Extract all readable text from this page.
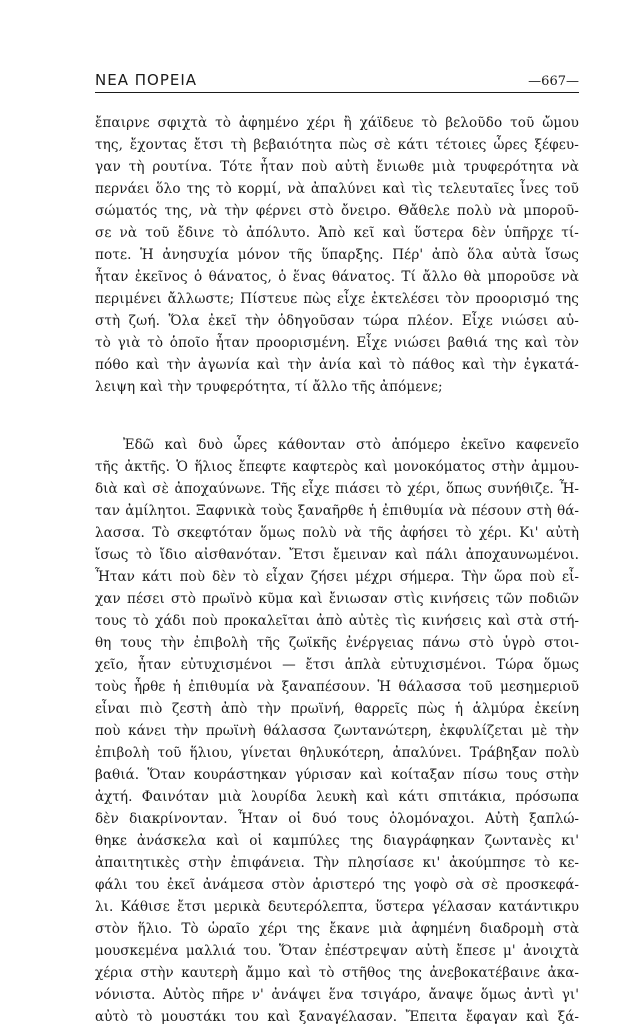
ΝΕΑ ΠΟΡΕΙΑ	—667—
ἔπαιρνε σφιχτὰ τὸ ἀφημένο χέρι ἢ χάϊδευε τὸ βελοῦδο τοῦ ὤμου
της, ἔχοντας ἔτσι τὴ βεβαιότητα πὼς σὲ κάτι τέτοιες ὧρες ξέφευ-
γαν τὴ ρουτίνα. Τότε ἦταν ποὺ αὐτὴ ἔνιωθε μιὰ τρυφερότητα νὰ
περνάει ὅλο της τὸ κορμί, νὰ ἀπαλύνει καὶ τὶς τελευταῖες ἶνες τοῦ
σώματός της, νὰ τὴν φέρνει στὸ ὄνειρο. Θἄθελε πολὺ νὰ μποροῦ-
σε νὰ τοῦ ἔδινε τὸ ἀπόλυτο. Ἀπὸ κεῖ καὶ ὕστερα δὲν ὑπῆρχε τί-
ποτε. Ἡ ἀνησυχία μόνον τῆς ὕπαρξης. Πέρ' ἀπὸ ὅλα αὐτὰ ἴσως
ἦταν ἐκεῖνος ὁ θάνατος, ὁ ἕνας θάνατος. Τί ἄλλο θὰ μποροῦσε νὰ
περιμένει ἄλλωστε; Πίστευε πὼς εἶχε ἐκτελέσει τὸν προορισμό της
στὴ ζωή. Ὅλα ἐκεῖ τὴν ὁδηγοῦσαν τώρα πλέον. Εἶχε νιώσει αὐ-
τὸ γιὰ τὸ ὁποῖο ἦταν προορισμένη. Εἶχε νιώσει βαθιά της καὶ τὸν
πόθο καὶ τὴν ἀγωνία καὶ τὴν ἀνία καὶ τὸ πάθος καὶ τὴν ἐγκατά-
λειψη καὶ τὴν τρυφερότητα, τί ἄλλο τῆς ἀπόμενε;
Ἐδῶ καὶ δυὸ ὧρες κάθονταν στὸ ἀπόμερο ἐκεῖνο καφενεῖο
τῆς ἀκτῆς. Ὁ ἥλιος ἔπεφτε καφτερὸς καὶ μονοκόματος στὴν ἀμμου-
διὰ καὶ σὲ ἀποχαύνωνε. Τῆς εἶχε πιάσει τὸ χέρι, ὅπως συνήθιζε. Ἦ-
ταν ἀμίλητοι. Ξαφνικὰ τοὺς ξαναῆρθε ἡ ἐπιθυμία νὰ πέσουν στὴ θά-
λασσα. Τὸ σκεφτόταν ὅμως πολὺ νὰ τῆς ἀφήσει τὸ χέρι. Κι' αὐτὴ
ἴσως τὸ ἴδιο αἰσθανόταν. Ἔτσι ἔμειναν καὶ πάλι ἀποχαυνωμένοι.
Ἦταν κάτι ποὺ δὲν τὸ εἶχαν ζήσει μέχρι σήμερα. Τὴν ὥρα ποὺ εἶ-
χαν πέσει στὸ πρωϊνὸ κῦμα καὶ ἔνιωσαν στὶς κινήσεις τῶν ποδιῶν
τους τὸ χάδι ποὺ προκαλεῖται ἀπὸ αὐτὲς τὶς κινήσεις καὶ στὰ στή-
θη τους τὴν ἐπιβολὴ τῆς ζωϊκῆς ἐνέργειας πάνω στὸ ὑγρὸ στοι-
χεῖο, ἦταν εὐτυχισμένοι — ἔτσι ἁπλὰ εὐτυχισμένοι. Τώρα ὅμως
τοὺς ἦρθε ἡ ἐπιθυμία νὰ ξαναπέσουν. Ἡ θάλασσα τοῦ μεσημεριοῦ
εἶναι πιὸ ζεστὴ ἀπὸ τὴν πρωϊνή, θαρρεῖς πὼς ἡ ἁλμύρα ἐκείνη
ποὺ κάνει τὴν πρωϊνὴ θάλασσα ζωντανώτερη, ἐκφυλίζεται μὲ τὴν
ἐπιβολὴ τοῦ ἥλιου, γίνεται θηλυκότερη, ἀπαλύνει. Τράβηξαν πολὺ
βαθιά. Ὅταν κουράστηκαν γύρισαν καὶ κοίταξαν πίσω τους στὴν
ἀχτή. Φαινόταν μιὰ λουρίδα λευκὴ καὶ κάτι σπιτάκια, πρόσωπα
δὲν διακρίνονταν. Ἦταν οἱ δυό τους ὁλομόναχοι. Αὐτὴ ξαπλώ-
θηκε ἀνάσκελα καὶ οἱ καμπύλες της διαγράφηκαν ζωντανὲς κι'
ἀπαιτητικὲς στὴν ἐπιφάνεια. Τὴν πλησίασε κι' ἀκούμπησε τὸ κε-
φάλι του ἐκεῖ ἀνάμεσα στὸν ἀριστερό της γοφὸ σὰ σὲ προσκεφά-
λι. Κάθισε ἔτσι μερικὰ δευτερόλεπτα, ὕστερα γέλασαν κατάντικρυ
στὸν ἥλιο. Τὸ ὡραῖο χέρι της ἔκανε μιὰ ἀφημένη διαδρομὴ στὰ
μουσκεμένα μαλλιά του. Ὅταν ἐπέστρεψαν αὐτὴ ἔπεσε μ' ἀνοιχτὰ
χέρια στὴν καυτερὴ ἄμμο καὶ τὸ στῆθος της ἀνεβοκατέβαινε ἀκα-
νόνιστα. Αὐτὸς πῆρε ν' ἀνάψει ἕνα τσιγάρο, ἄναψε ὅμως ἀντὶ γι'
αὐτὸ τὸ μουστάκι του καὶ ξαναγέλασαν. Ἔπειτα ἔφαγαν καὶ ξά-
